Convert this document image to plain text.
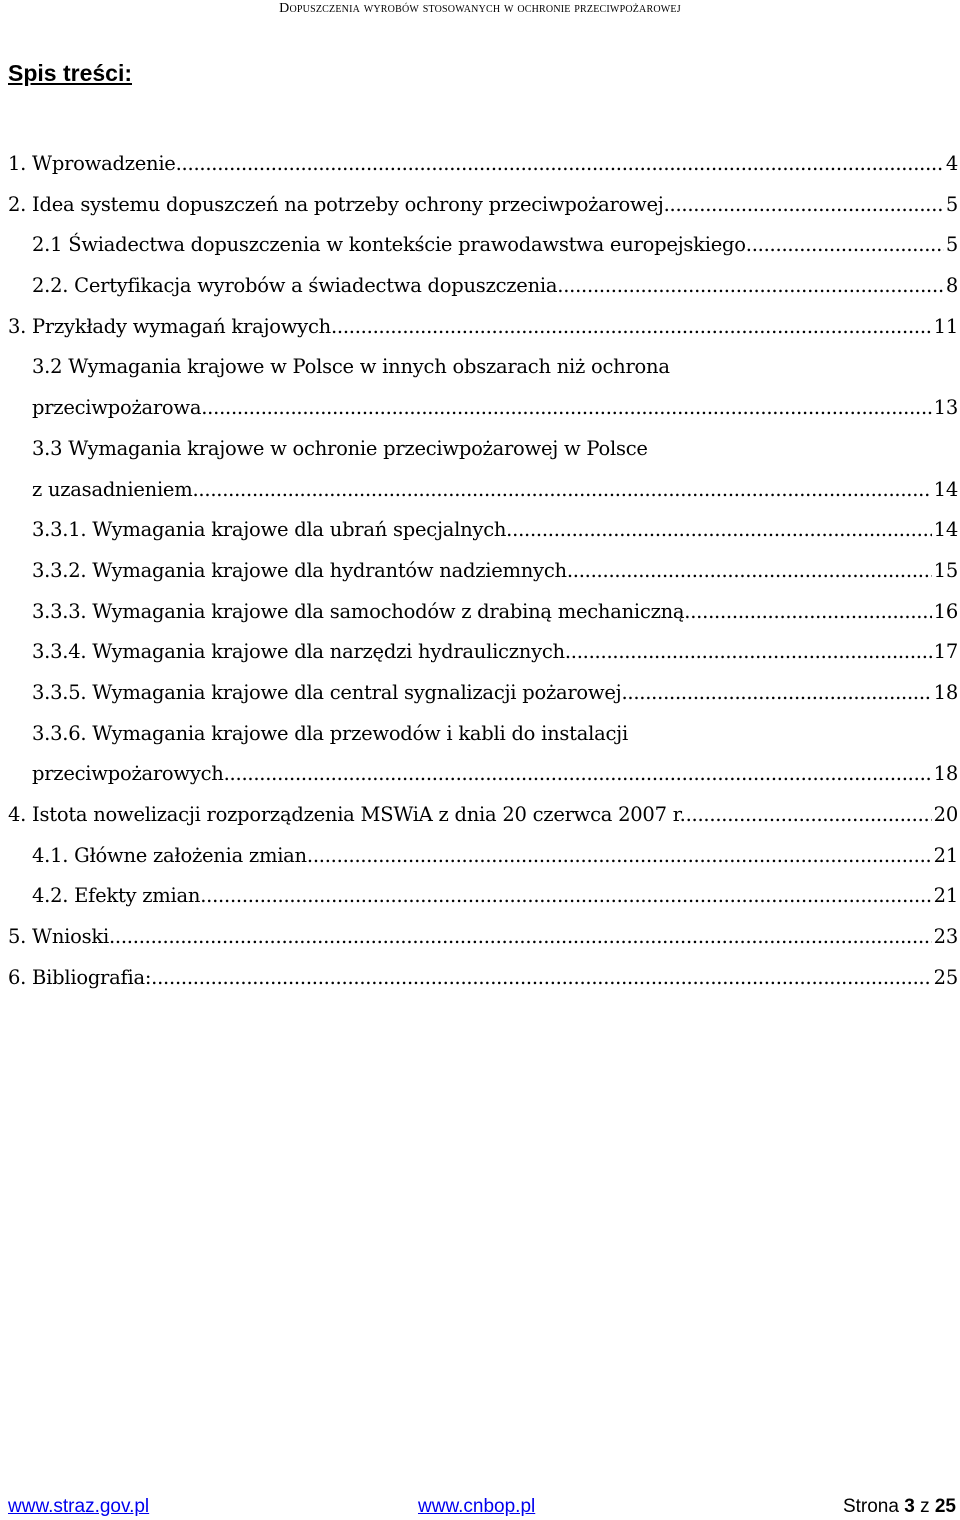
Dopuszczenia wyrobów stosowanych w ochronie przeciwpożarowej
Spis treści:
1. Wprowadzenie .....	4
2. Idea systemu dopuszczeń na potrzeby ochrony przeciwpożarowej .....	5
2.1 Świadectwa dopuszczenia w kontekście prawodawstwa europejskiego .....	5
2.2. Certyfikacja wyrobów a świadectwa dopuszczenia .....	8
3. Przykłady wymagań krajowych .....	11
3.2 Wymagania krajowe w Polsce w innych obszarach niż ochrona
przeciwpożarowa .....	13
3.3 Wymagania krajowe w ochronie przeciwpożarowej w Polsce
z uzasadnieniem .....	14
3.3.1. Wymagania krajowe dla ubrań specjalnych .....	14
3.3.2. Wymagania krajowe dla hydrantów nadziemnych .....	15
3.3.3. Wymagania krajowe dla samochodów z drabiną mechaniczną .....	16
3.3.4. Wymagania krajowe dla narzędzi hydraulicznych .....	17
3.3.5. Wymagania krajowe dla central sygnalizacji pożarowej .....	18
3.3.6. Wymagania krajowe dla przewodów i kabli do instalacji
przeciwpożarowych .....	18
4. Istota nowelizacji rozporządzenia MSWiA z dnia 20 czerwca 2007 r. .....	20
4.1. Główne założenia zmian .....	21
4.2. Efekty zmian .....	21
5. Wnioski .....	23
6. Bibliografia: .....	25
www.straz.gov.pl	www.cnbop.pl	Strona 3 z 25
